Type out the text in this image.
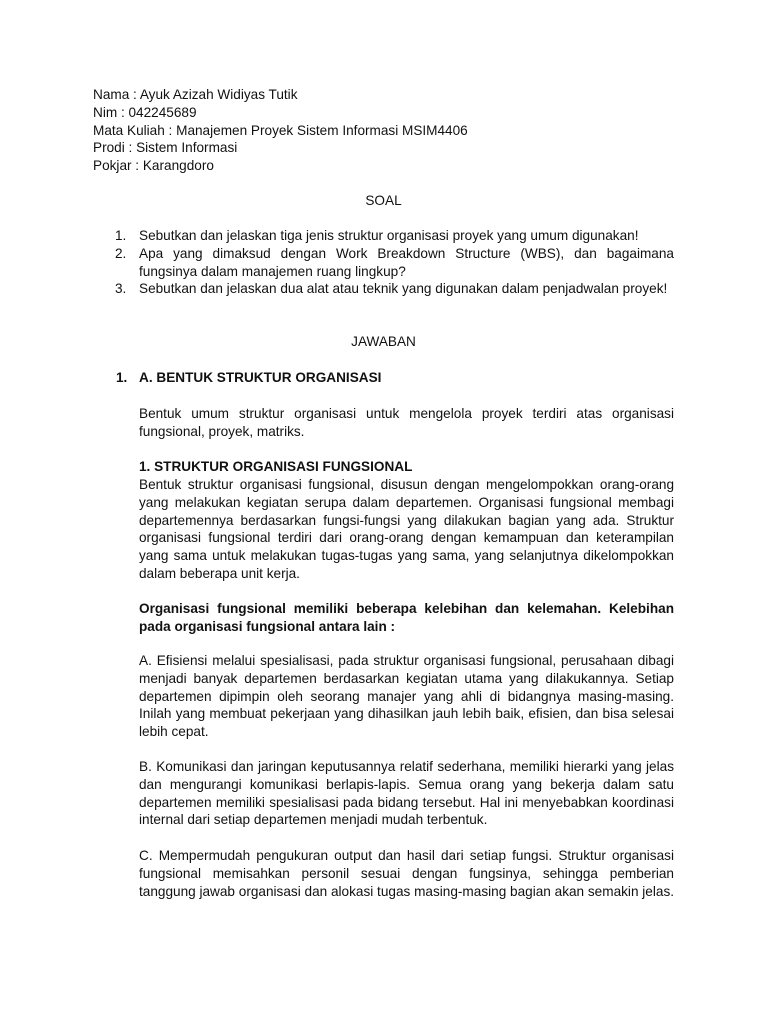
Nama : Ayuk Azizah Widiyas Tutik
Nim : 042245689
Mata Kuliah : Manajemen Proyek Sistem Informasi MSIM4406
Prodi : Sistem Informasi
Pokjar : Karangdoro
SOAL
1. Sebutkan dan jelaskan tiga jenis struktur organisasi proyek yang umum digunakan!
2. Apa yang dimaksud dengan Work Breakdown Structure (WBS), dan bagaimana fungsinya dalam manajemen ruang lingkup?
3. Sebutkan dan jelaskan dua alat atau teknik yang digunakan dalam penjadwalan proyek!
JAWABAN
1. A. BENTUK STRUKTUR ORGANISASI

Bentuk umum struktur organisasi untuk mengelola proyek terdiri atas organisasi fungsional, proyek, matriks.

1. STRUKTUR ORGANISASI FUNGSIONAL

Bentuk struktur organisasi fungsional, disusun dengan mengelompokkan orang-orang yang melakukan kegiatan serupa dalam departemen. Organisasi fungsional membagi departemennya berdasarkan fungsi-fungsi yang dilakukan bagian yang ada. Struktur organisasi fungsional terdiri dari orang-orang dengan kemampuan dan keterampilan yang sama untuk melakukan tugas-tugas yang sama, yang selanjutnya dikelompokkan dalam beberapa unit kerja.

Organisasi fungsional memiliki beberapa kelebihan dan kelemahan. Kelebihan pada organisasi fungsional antara lain :

A. Efisiensi melalui spesialisasi, pada struktur organisasi fungsional, perusahaan dibagi menjadi banyak departemen berdasarkan kegiatan utama yang dilakukannya. Setiap departemen dipimpin oleh seorang manajer yang ahli di bidangnya masing-masing. Inilah yang membuat pekerjaan yang dihasilkan jauh lebih baik, efisien, dan bisa selesai lebih cepat.

B. Komunikasi dan jaringan keputusannya relatif sederhana, memiliki hierarki yang jelas dan mengurangi komunikasi berlapis-lapis. Semua orang yang bekerja dalam satu departemen memiliki spesialisasi pada bidang tersebut. Hal ini menyebabkan koordinasi internal dari setiap departemen menjadi mudah terbentuk.

C. Mempermudah pengukuran output dan hasil dari setiap fungsi. Struktur organisasi fungsional memisahkan personil sesuai dengan fungsinya, sehingga pemberian tanggung jawab organisasi dan alokasi tugas masing-masing bagian akan semakin jelas.
